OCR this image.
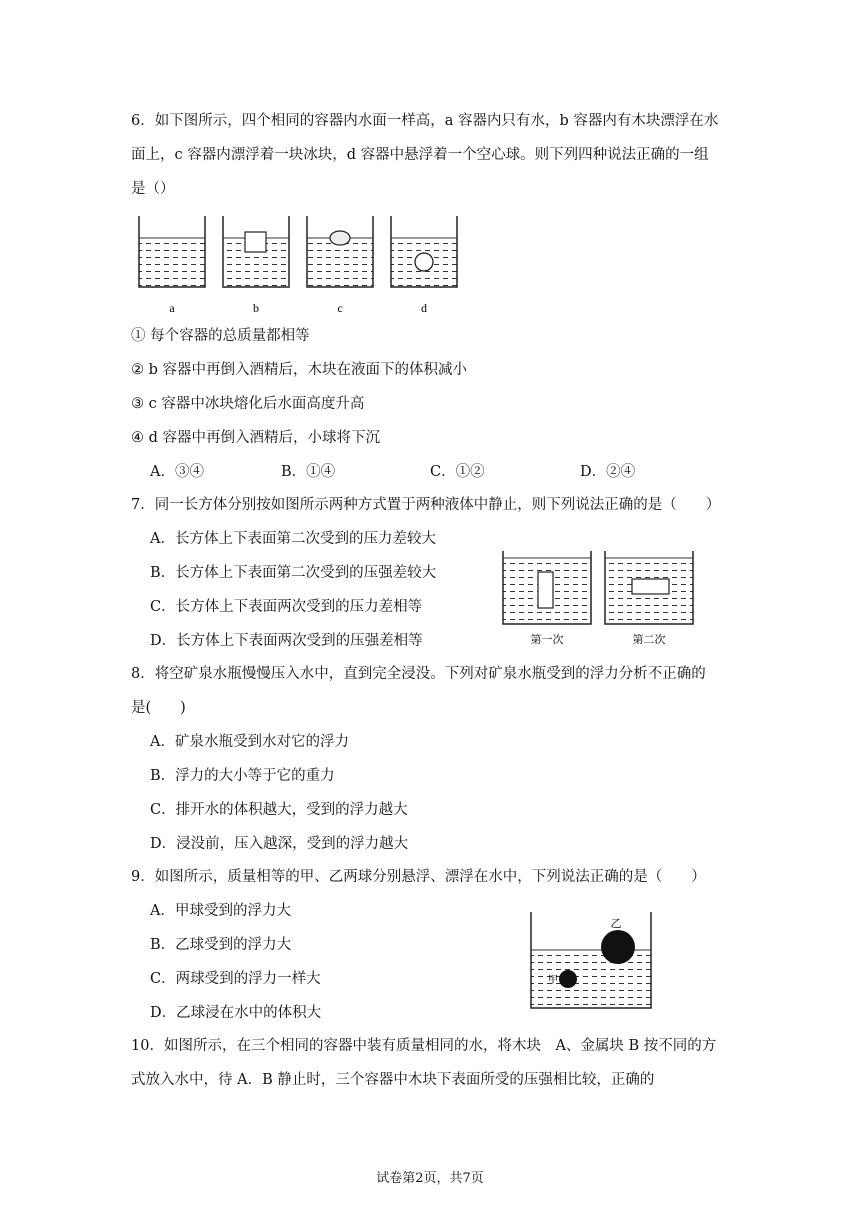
6．如下图所示，四个相同的容器内水面一样高，a 容器内只有水，b 容器内有木块漂浮在水
面上，c 容器内漂浮着一块冰块，d 容器中悬浮着一个空心球。则下列四种说法正确的一组
是（）
a	b	c	d
① 每个容器的总质量都相等
② b 容器中再倒入酒精后，木块在液面下的体积减小
③ c 容器中冰块熔化后水面高度升高
④ d 容器中再倒入酒精后，小球将下沉
A．③④	B．①④	C．①②	D．②④
7．同一长方体分别按如图所示两种方式置于两种液体中静止，则下列说法正确的是（　　）
A．长方体上下表面第二次受到的压力差较大
B．长方体上下表面第二次受到的压强差较大
C．长方体上下表面两次受到的压力差相等
D．长方体上下表面两次受到的压强差相等	第一次	第二次
8．将空矿泉水瓶慢慢压入水中，直到完全浸没。下列对矿泉水瓶受到的浮力分析不正确的
是(　　)
A．矿泉水瓶受到水对它的浮力
B．浮力的大小等于它的重力
C．排开水的体积越大，受到的浮力越大
D．浸没前，压入越深，受到的浮力越大
9．如图所示，质量相等的甲、乙两球分别悬浮、漂浮在水中，下列说法正确的是（　　）
A．甲球受到的浮力大
B．乙球受到的浮力大
C．两球受到的浮力一样大
D．乙球浸在水中的体积大
乙
甲
10．如图所示，在三个相同的容器中装有质量相同的水，将木块　A、金属块 B 按不同的方
式放入水中，待 A．B 静止时，三个容器中木块下表面所受的压强相比较，正确的
试卷第2页，共7页
